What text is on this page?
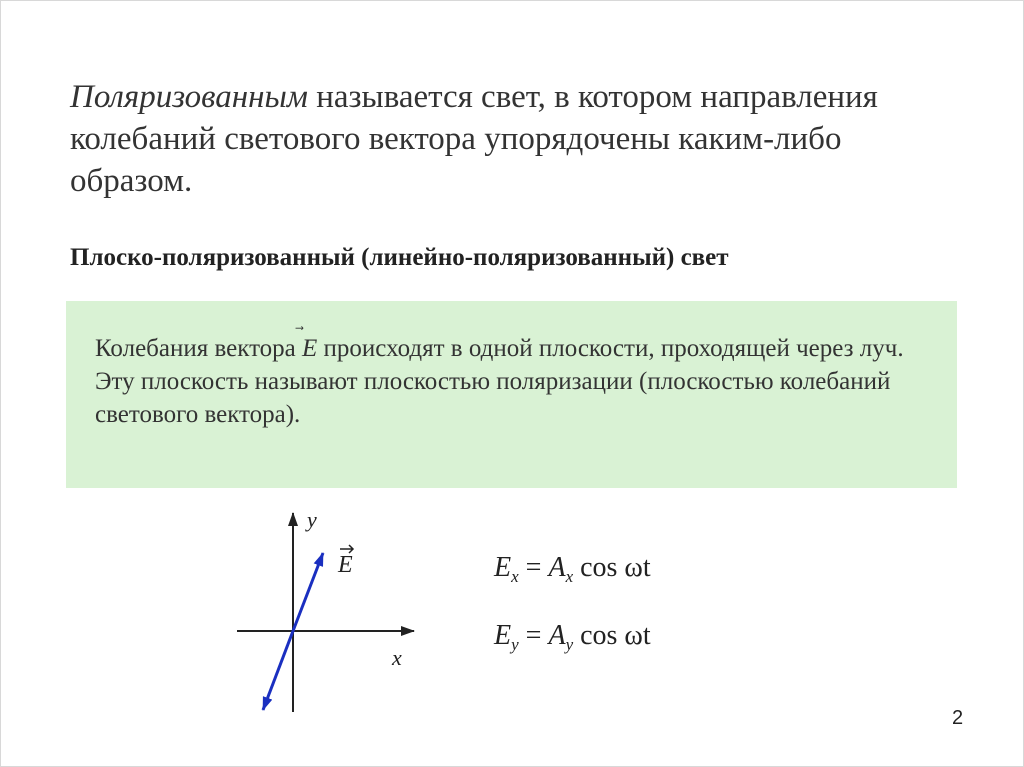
Поляризованным называется свет, в котором направления колебаний светового вектора упорядочены каким-либо образом.
Плоско-поляризованный (линейно-поляризованный) свет

Колебания вектора
E происходят в одной плоскости, проходящей через луч.

Эту плоскость называют плоскостью поляризации (плоскостью колебаний светового вектора).

y
x
E	$E_x = A_x$ cos ωt
$E_y = A_y$ cos ωt
2
